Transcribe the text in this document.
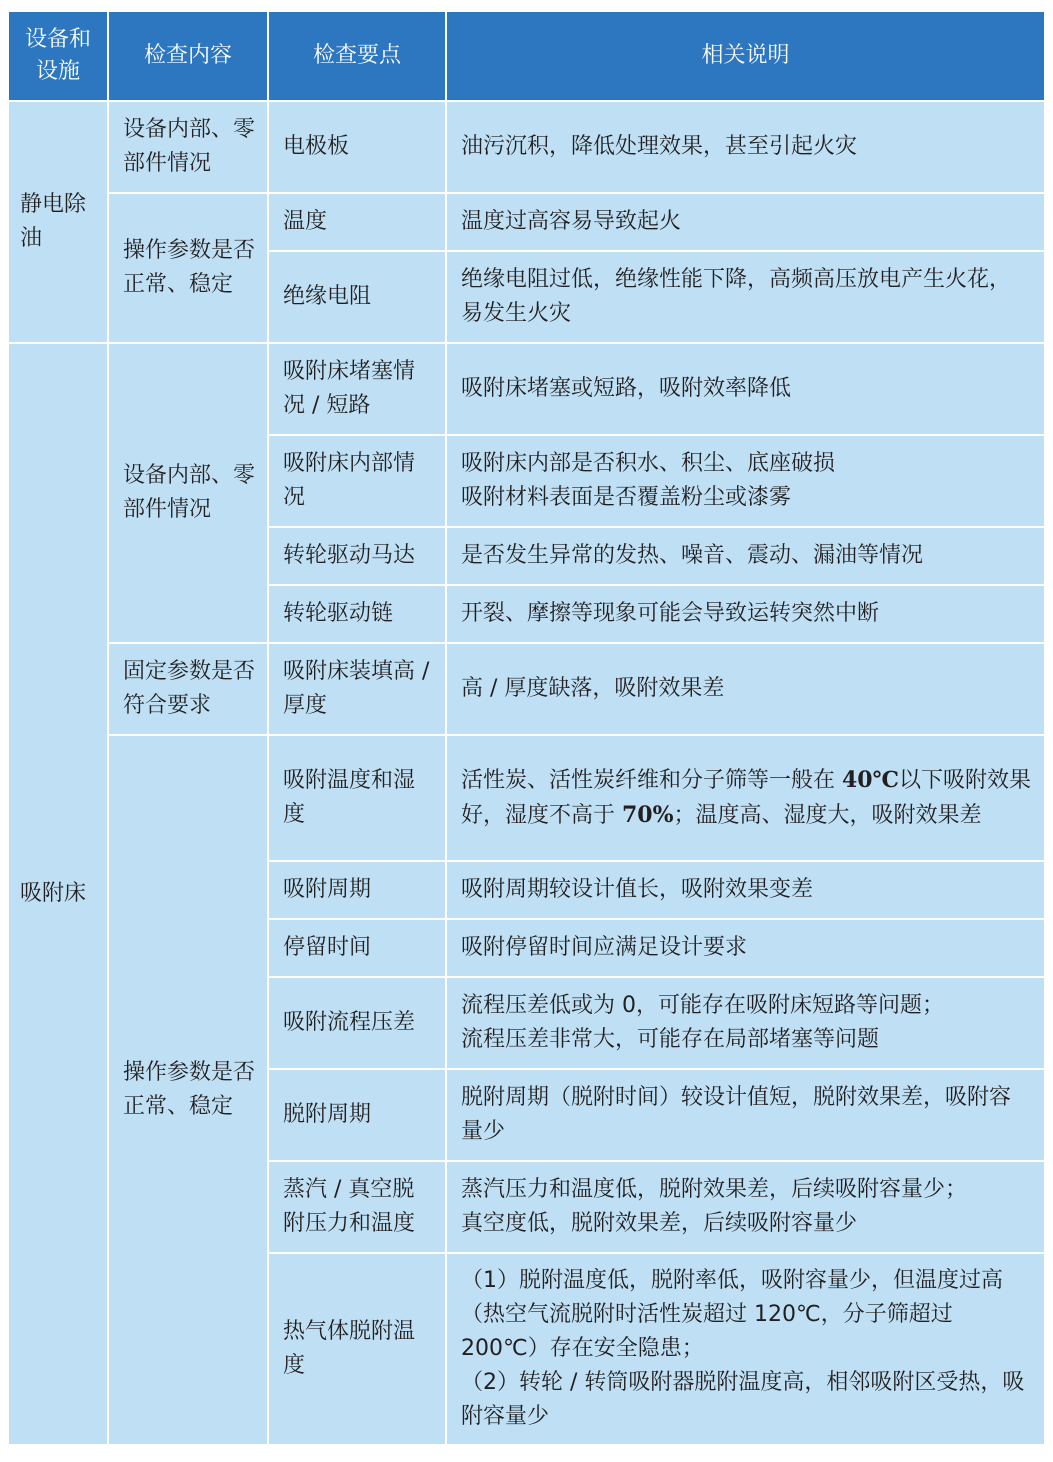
设备和设施	检查内容	检查要点	相关说明
静电除油	设备内部、零部件情况	电极板	油污沉积，降低处理效果，甚至引起火灾
	操作参数是否正常、稳定	温度	温度过高容易导致起火
		绝缘电阻	绝缘电阻过低，绝缘性能下降，高频高压放电产生火花，易发生火灾
吸附床	设备内部、零部件情况	吸附床堵塞情况 / 短路	吸附床堵塞或短路，吸附效率降低
		吸附床内部情况	吸附床内部是否积水、积尘、底座破损
吸附材料表面是否覆盖粉尘或漆雾

		转轮驱动马达	是否发生异常的发热、噪音、震动、漏油等情况
		转轮驱动链	开裂、摩擦等现象可能会导致运转突然中断
	固定参数是否符合要求	吸附床装填高 / 厚度	高 / 厚度缺落，吸附效果差
	操作参数是否正常、稳定	吸附温度和湿度	活性炭、活性炭纤维和分子筛等一般在 40℃以下吸附效果好，湿度不高于 70%；温度高、湿度大，吸附效果差
		吸附周期	吸附周期较设计值长，吸附效果变差
		停留时间	吸附停留时间应满足设计要求
		吸附流程压差	流程压差低或为 0，可能存在吸附床短路等问题；
流程压差非常大，可能存在局部堵塞等问题

		脱附周期	脱附周期（脱附时间）较设计值短，脱附效果差，吸附容量少
		蒸汽 / 真空脱附压力和温度	蒸汽压力和温度低，脱附效果差，后续吸附容量少；
真空度低，脱附效果差，后续吸附容量少

		热气体脱附温度	（1）脱附温度低，脱附率低，吸附容量少，但温度过高（热空气流脱附时活性炭超过 120℃，分子筛超过 200℃）存在安全隐患；
（2）转轮 / 转筒吸附器脱附温度高，相邻吸附区受热，吸附容量少
